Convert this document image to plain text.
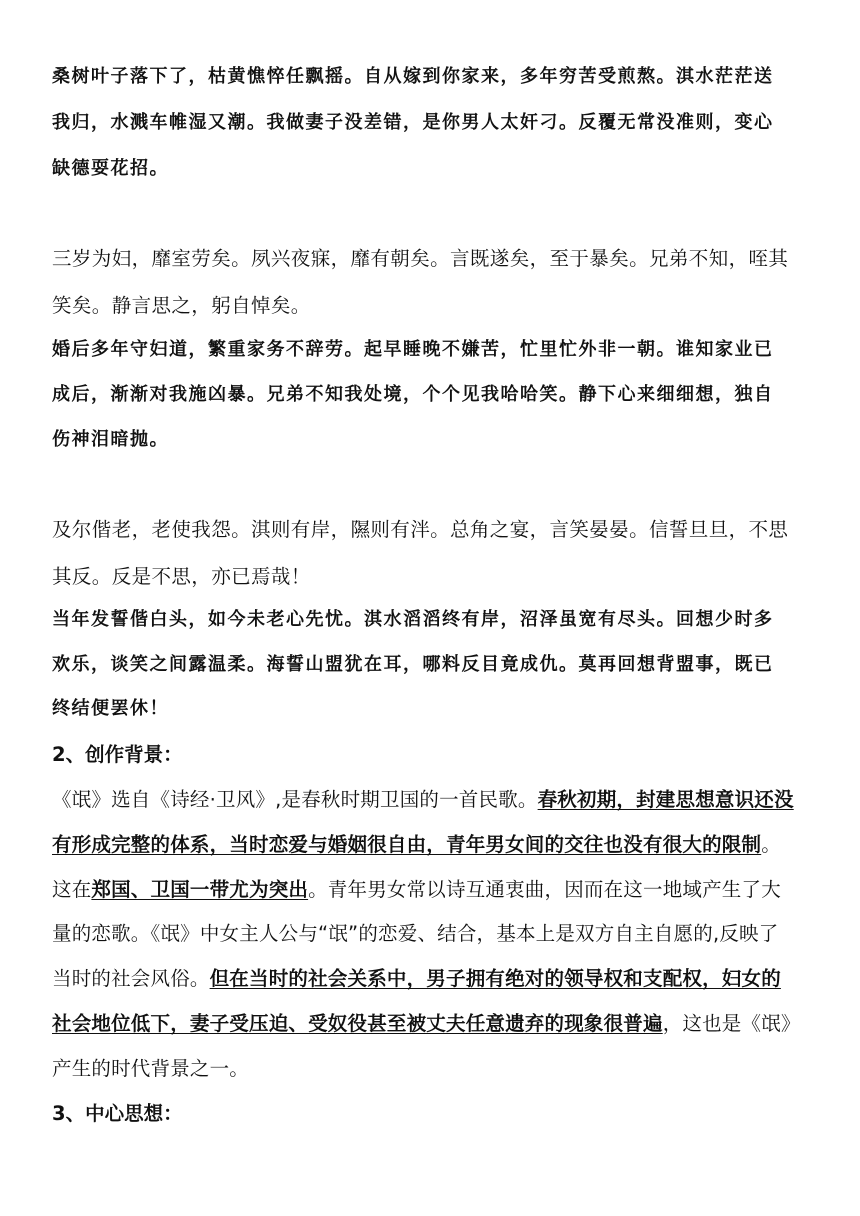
桑树叶子落下了，枯黄憔悴任飘摇。自从嫁到你家来，多年穷苦受煎熬。淇水茫茫送
我归，水溅车帷湿又潮。我做妻子没差错，是你男人太奸刁。反覆无常没准则，变心
缺德耍花招。
三岁为妇，靡室劳矣。夙兴夜寐，靡有朝矣。言既遂矣，至于暴矣。兄弟不知，咥其
笑矣。静言思之，躬自悼矣。
婚后多年守妇道，繁重家务不辞劳。起早睡晚不嫌苦，忙里忙外非一朝。谁知家业已
成后，渐渐对我施凶暴。兄弟不知我处境，个个见我哈哈笑。静下心来细细想，独自
伤神泪暗抛。
及尔偕老，老使我怨。淇则有岸，隰则有泮。总角之宴，言笑晏晏。信誓旦旦，不思
其反。反是不思，亦已焉哉！
当年发誓偕白头，如今未老心先忧。淇水滔滔终有岸，沼泽虽宽有尽头。回想少时多
欢乐，谈笑之间露温柔。海誓山盟犹在耳，哪料反目竟成仇。莫再回想背盟事，既已
终结便罢休！
2、创作背景：
《氓》选自《诗经·卫风》,是春秋时期卫国的一首民歌。春秋初期，封建思想意识还没
有形成完整的体系，当时恋爱与婚姻很自由，青年男女间的交往也没有很大的限制。
这在郑国、卫国一带尤为突出。青年男女常以诗互通衷曲，因而在这一地域产生了大
量的恋歌。《氓》中女主人公与“氓”的恋爱、结合，基本上是双方自主自愿的,反映了
当时的社会风俗。但在当时的社会关系中，男子拥有绝对的领导权和支配权，妇女的
社会地位低下，妻子受压迫、受奴役甚至被丈夫任意遗弃的现象很普遍，这也是《氓》
产生的时代背景之一。
3、中心思想：
